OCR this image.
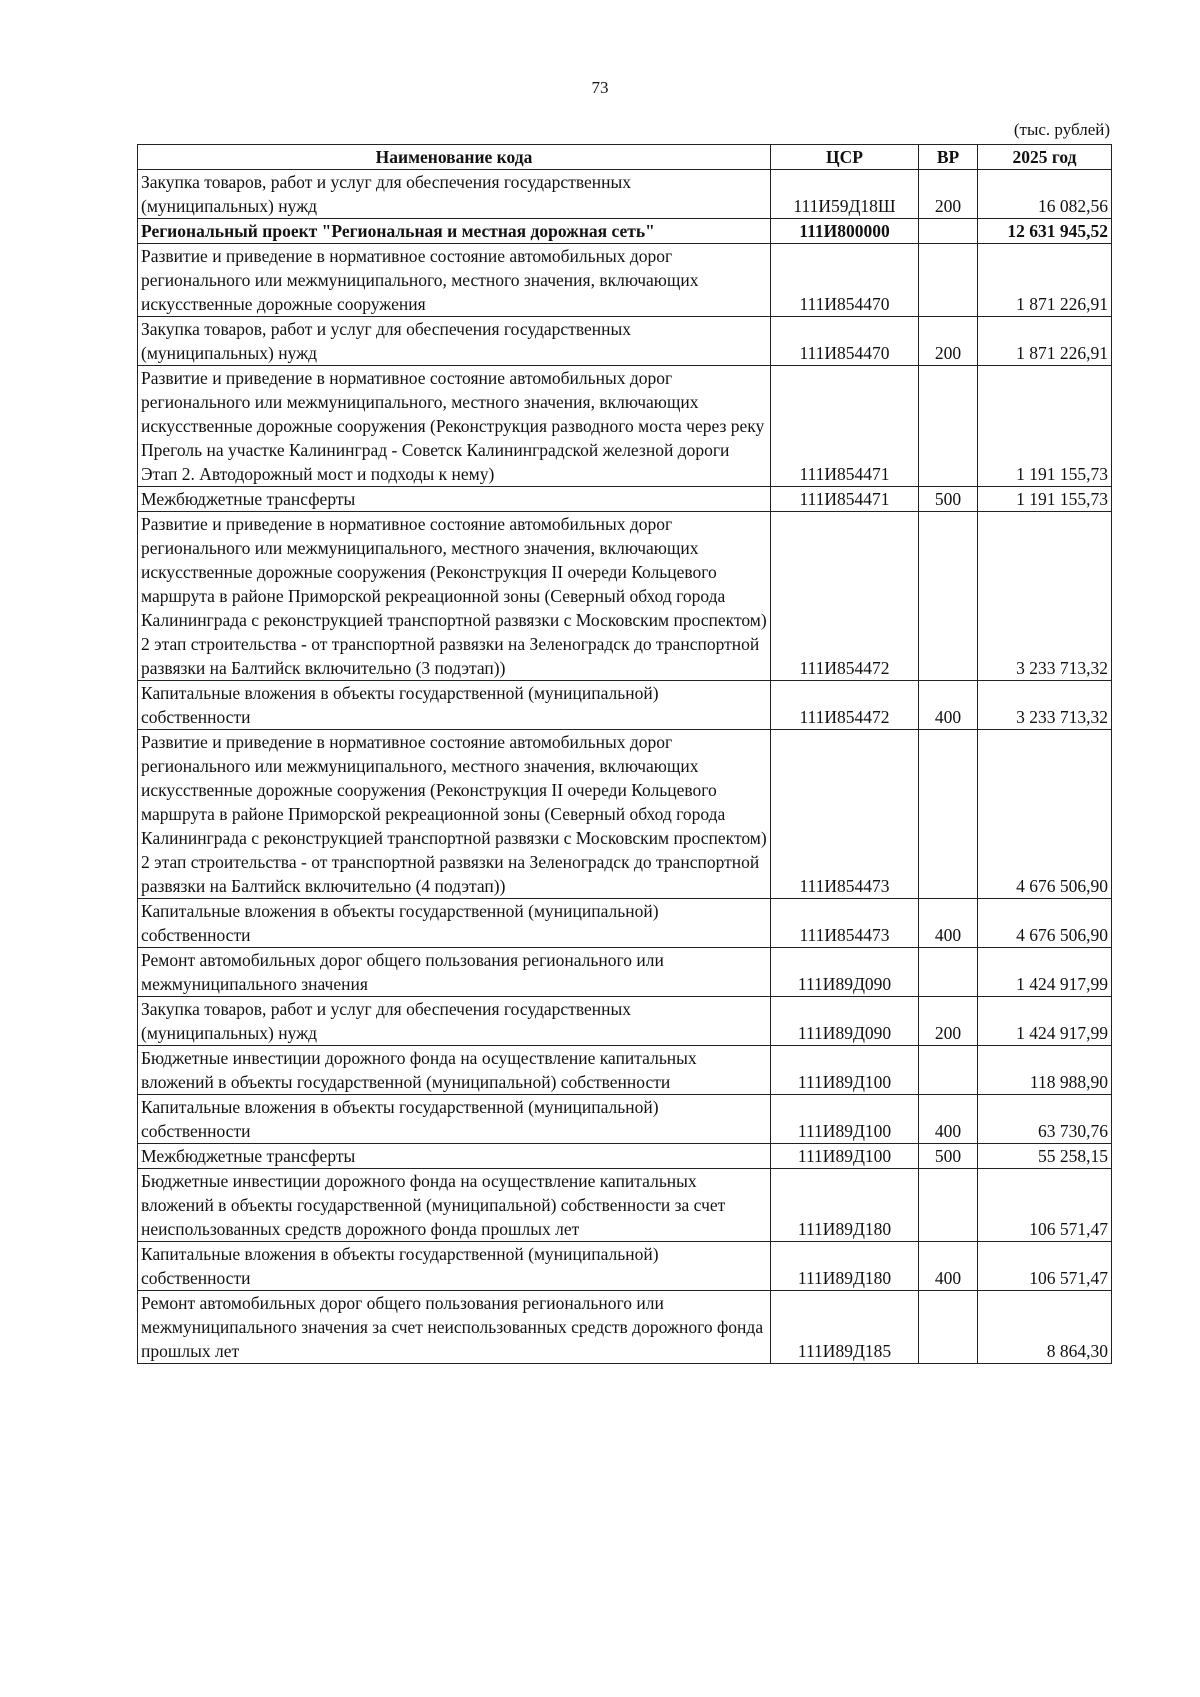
73
(тыс. рублей)
Наименование кода	ЦСР	ВР	2025 год
Закупка товаров, работ и услуг для обеспечения государственных (муниципальных) нужд	111И59Д18Ш	200	16 082,56
Региональный проект "Региональная и местная дорожная сеть"	111И800000		12 631 945,52
Развитие и приведение в нормативное состояние автомобильных дорог регионального или межмуниципального, местного значения, включающих искусственные дорожные сооружения	111И854470		1 871 226,91
Закупка товаров, работ и услуг для обеспечения государственных (муниципальных) нужд	111И854470	200	1 871 226,91
Развитие и приведение в нормативное состояние автомобильных дорог регионального или межмуниципального, местного значения, включающих искусственные дорожные сооружения (Реконструкция разводного моста через реку Преголь на участке Калининград - Советск Калининградской железной дороги Этап 2. Автодорожный мост и подходы к нему)	111И854471		1 191 155,73
Межбюджетные трансферты	111И854471	500	1 191 155,73
Развитие и приведение в нормативное состояние автомобильных дорог регионального или межмуниципального, местного значения, включающих искусственные дорожные сооружения (Реконструкция II очереди Кольцевого маршрута в районе Приморской рекреационной зоны (Северный обход города Калининграда с реконструкцией транспортной развязки с Московским проспектом) 2 этап строительства - от транспортной развязки на Зеленоградск до транспортной развязки на Балтийск включительно (3 подэтап))	111И854472		3 233 713,32
Капитальные вложения в объекты государственной (муниципальной) собственности	111И854472	400	3 233 713,32
Развитие и приведение в нормативное состояние автомобильных дорог регионального или межмуниципального, местного значения, включающих искусственные дорожные сооружения (Реконструкция II очереди Кольцевого маршрута в районе Приморской рекреационной зоны (Северный обход города Калининграда с реконструкцией транспортной развязки с Московским проспектом) 2 этап строительства - от транспортной развязки на Зеленоградск до транспортной развязки на Балтийск включительно (4 подэтап))	111И854473		4 676 506,90
Капитальные вложения в объекты государственной (муниципальной) собственности	111И854473	400	4 676 506,90
Ремонт автомобильных дорог общего пользования регионального или межмуниципального значения	111И89Д090		1 424 917,99
Закупка товаров, работ и услуг для обеспечения государственных (муниципальных) нужд	111И89Д090	200	1 424 917,99
Бюджетные инвестиции дорожного фонда на осуществление капитальных вложений в объекты государственной (муниципальной) собственности	111И89Д100		118 988,90
Капитальные вложения в объекты государственной (муниципальной) собственности	111И89Д100	400	63 730,76
Межбюджетные трансферты	111И89Д100	500	55 258,15
Бюджетные инвестиции дорожного фонда на осуществление капитальных вложений в объекты государственной (муниципальной) собственности за счет неиспользованных средств дорожного фонда прошлых лет	111И89Д180		106 571,47
Капитальные вложения в объекты государственной (муниципальной) собственности	111И89Д180	400	106 571,47
Ремонт автомобильных дорог общего пользования регионального или межмуниципального значения за счет неиспользованных средств дорожного фонда прошлых лет	111И89Д185		8 864,30
